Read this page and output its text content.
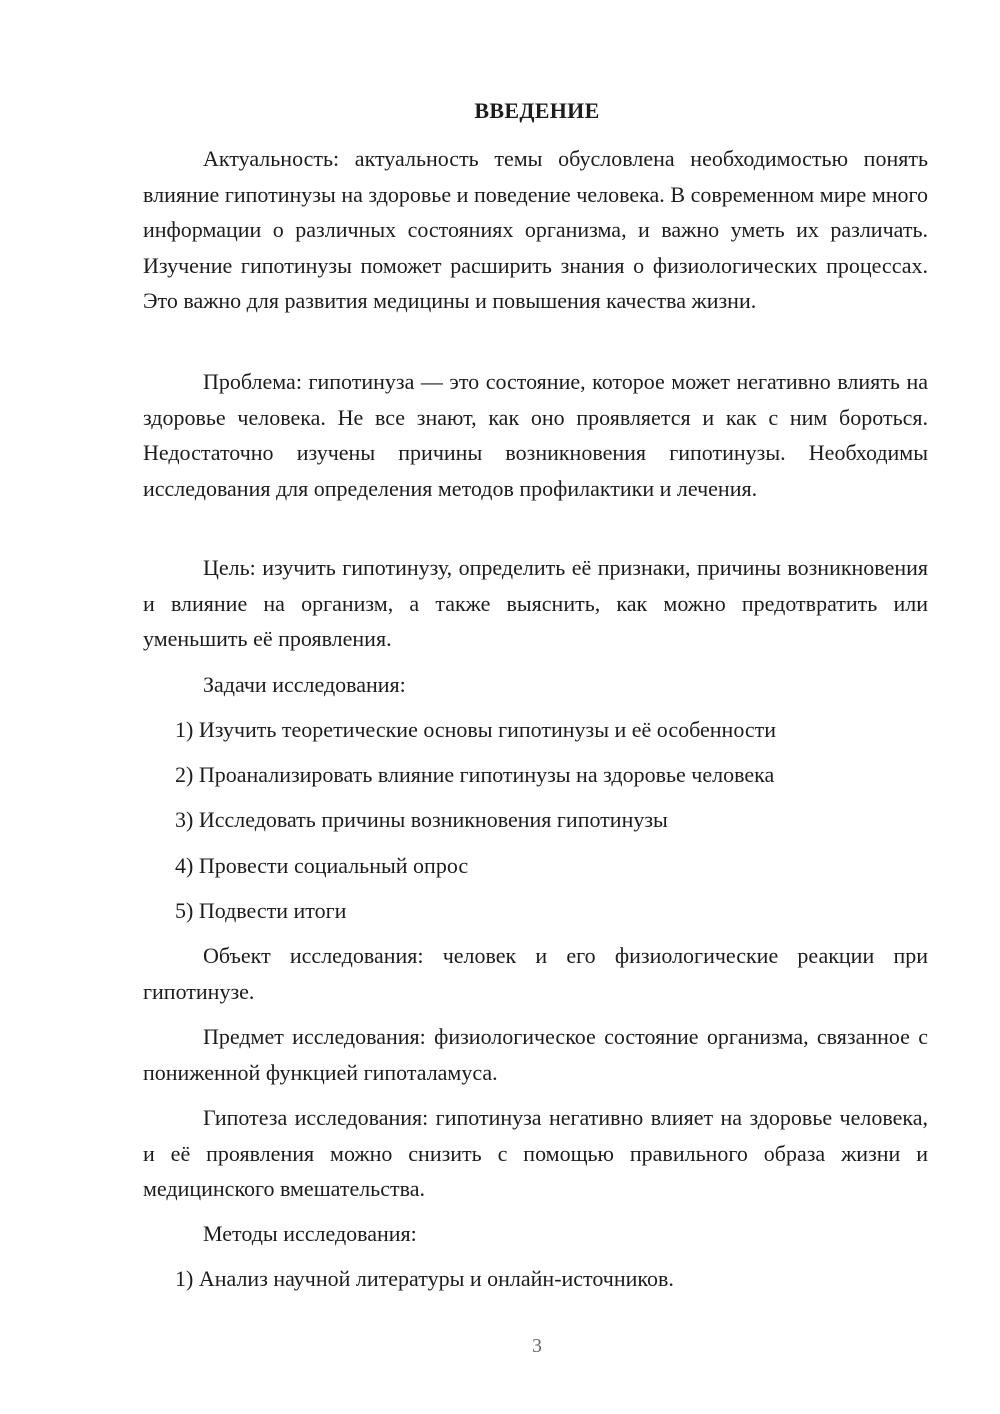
ВВЕДЕНИЕ

Актуальность: актуальность темы обусловлена необходимостью понять влияние гипотинузы на здоровье и поведение человека. В современном мире много информации о различных состояниях организма, и важно уметь их различать. Изучение гипотинузы поможет расширить знания о физиологических процессах. Это важно для развития медицины и повышения качества жизни.

Проблема: гипотинуза — это состояние, которое может негативно влиять на здоровье человека. Не все знают, как оно проявляется и как с ним бороться. Недостаточно изучены причины возникновения гипотинузы. Необходимы исследования для определения методов профилактики и лечения.

Цель: изучить гипотинузу, определить её признаки, причины возникновения и влияние на организм, а также выяснить, как можно предотвратить или уменьшить её проявления.

Задачи исследования:

1) Изучить теоретические основы гипотинузы и её особенности

2) Проанализировать влияние гипотинузы на здоровье человека

3) Исследовать причины возникновения гипотинузы

4) Провести социальный опрос

5) Подвести итоги

Объект исследования: человек и его физиологические реакции при гипотинузе.

Предмет исследования: физиологическое состояние организма, связанное с пониженной функцией гипоталамуса.

Гипотеза исследования: гипотинуза негативно влияет на здоровье человека, и её проявления можно снизить с помощью правильного образа жизни и медицинского вмешательства.

Методы исследования:

1) Анализ научной литературы и онлайн-источников.

3
